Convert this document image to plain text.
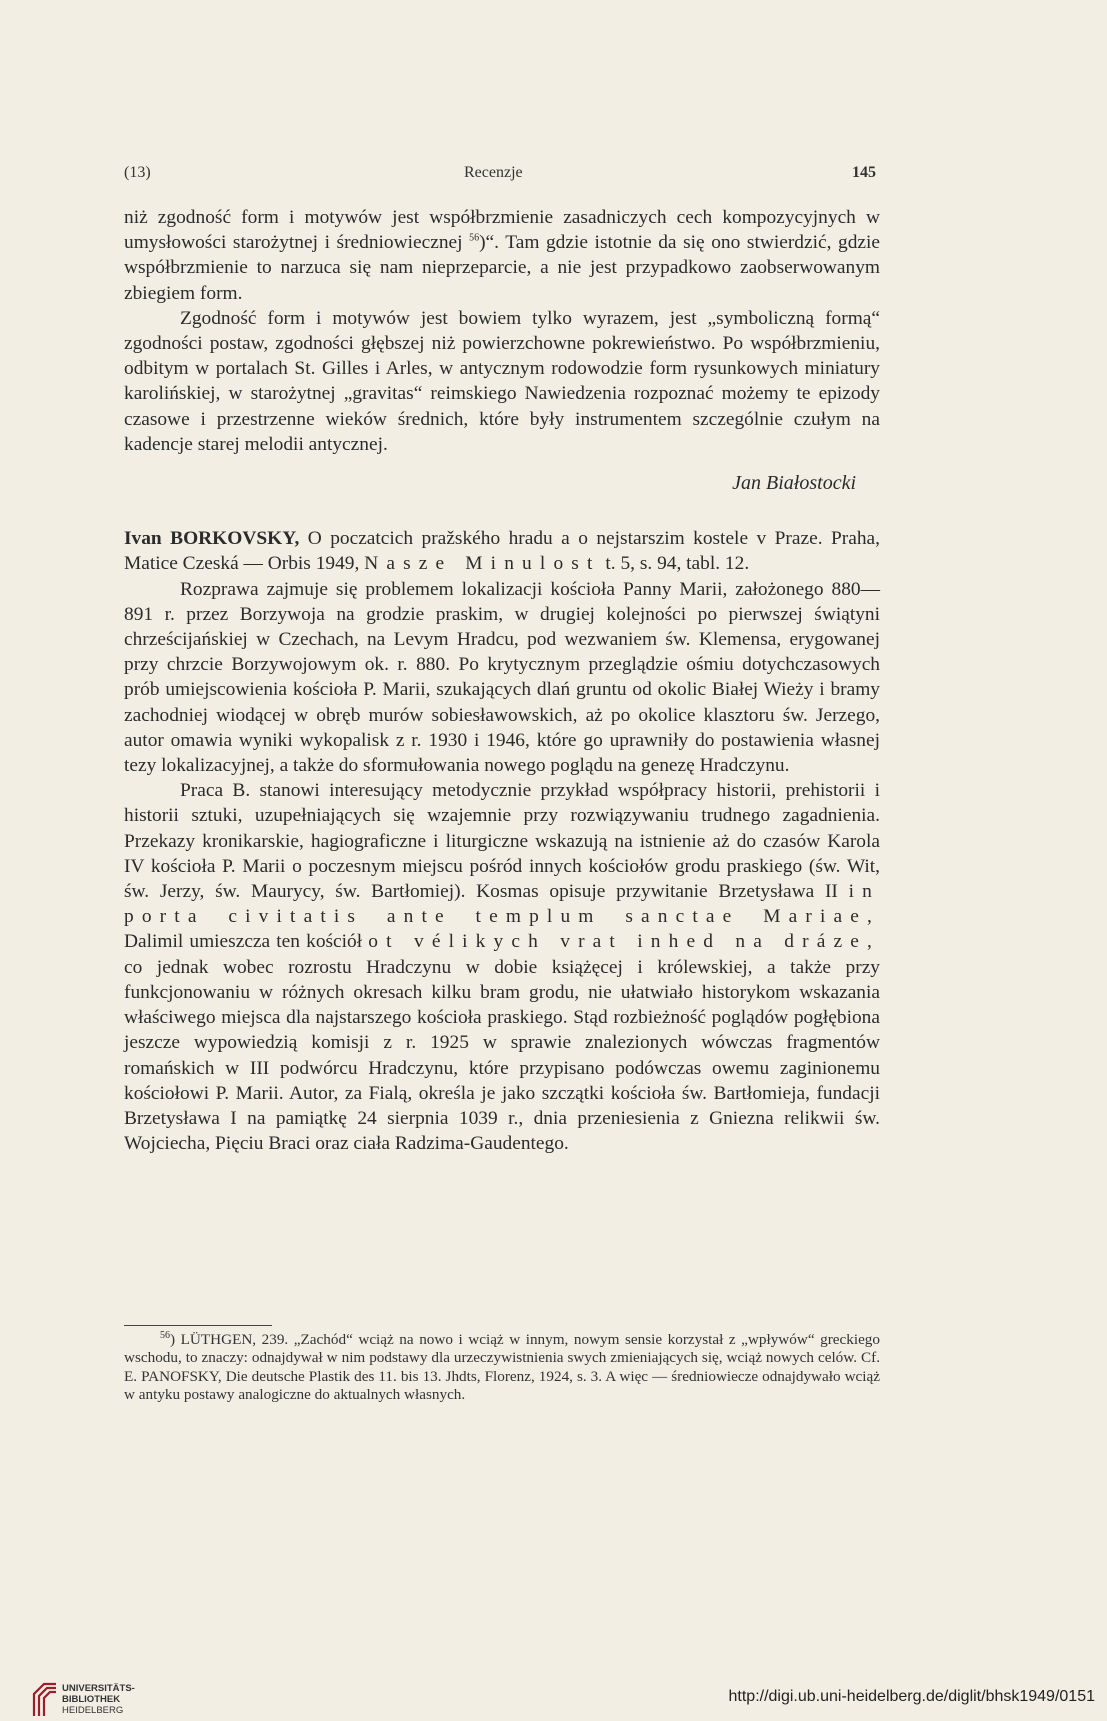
(13)	Recenzje	145

niż zgodność form i motywów jest współbrzmienie zasadniczych cech kompozycyjnych w umysłowości starożytnej i średniowiecznej $^{56}$)“. Tam gdzie istotnie da się ono stwierdzić, gdzie współbrzmienie to narzuca się nam nieprzeparcie, a nie jest przypadkowo zaobserwowanym zbiegiem form.

Zgodność form i motywów jest bowiem tylko wyrazem, jest „symboliczną formą“ zgodności postaw, zgodności głębszej niż powierzchowne pokrewieństwo. Po współbrzmieniu, odbitym w portalach St. Gilles i Arles, w antycznym rodowodzie form rysunkowych miniatury karolińskiej, w starożytnej „gravitas“ reimskiego Nawiedzenia rozpoznać możemy te epizody czasowe i przestrzenne wieków średnich, które były instrumentem szczególnie czułym na kadencje starej melodii antycznej.

Jan Białostocki

Ivan BORKOVSKY, O poczatcich pražského hradu a o nejstarszim kostele v Praze. Praha, Matice Czeská — Orbis 1949, Nasze Minulost t. 5, s. 94, tabl. 12.

Rozprawa zajmuje się problemem lokalizacji kościoła Panny Marii, założonego 880—891 r. przez Borzywoja na grodzie praskim, w drugiej kolejności po pierwszej świątyni chrześcijańskiej w Czechach, na Levym Hradcu, pod wezwaniem św. Klemensa, erygowanej przy chrzcie Borzywojowym ok. r. 880. Po krytycznym przeglądzie ośmiu dotychczasowych prób umiejscowienia kościoła P. Marii, szukających dlań gruntu od okolic Białej Wieży i bramy zachodniej wiodącej w obręb murów sobiesławowskich, aż po okolice klasztoru św. Jerzego, autor omawia wyniki wykopalisk z r. 1930 i 1946, które go uprawniły do postawienia własnej tezy lokalizacyjnej, a także do sformułowania nowego poglądu na genezę Hradczynu.

Praca B. stanowi interesujący metodycznie przykład współpracy historii, prehistorii i historii sztuki, uzupełniających się wzajemnie przy rozwiązywaniu trudnego zagadnienia. Przekazy kronikarskie, hagiograficzne i liturgiczne wskazują na istnienie aż do czasów Karola IV kościoła P. Marii o poczesnym miejscu pośród innych kościołów grodu praskiego (św. Wit, św. Jerzy, św. Maurycy, św. Bartłomiej). Kosmas opisuje przywitanie Brzetysława II in porta civitatis ante templum sanctae Mariae, Dalimil umieszcza ten kościół ot vélikych vrat inhed na dráze, co jednak wobec rozrostu Hradczynu w dobie książęcej i królewskiej, a także przy funkcjonowaniu w różnych okresach kilku bram grodu, nie ułatwiało historykom wskazania właściwego miejsca dla najstarszego kościoła praskiego. Stąd rozbieżność poglądów pogłębiona jeszcze wypowiedzią komisji z r. 1925 w sprawie znalezionych wówczas fragmentów romańskich w III podwórcu Hradczynu, które przypisano podówczas owemu zaginionemu kościołowi P. Marii. Autor, za Fialą, określa je jako szczątki kościoła św. Bartłomieja, fundacji Brzetysława I na pamiątkę 24 sierpnia 1039 r., dnia przeniesienia z Gniezna relikwii św. Wojciecha, Pięciu Braci oraz ciała Radzima-Gaudentego.

$^{56}$) LÜTHGEN, 239. „Zachód“ wciąż na nowo i wciąż w innym, nowym sensie korzystał z „wpływów“ greckiego wschodu, to znaczy: odnajdywał w nim podstawy dla urzeczywistnienia swych zmieniających się, wciąż nowych celów. Cf. E. PANOFSKY, Die deutsche Plastik des 11. bis 13. Jhdts, Florenz, 1924, s. 3. A więc — średniowiecze odnajdywało wciąż w antyku postawy analogiczne do aktualnych własnych.

UNIVERSITÄTS-
BIBLIOTHEK
HEIDELBERG
http://digi.ub.uni-heidelberg.de/diglit/bhsk1949/0151
